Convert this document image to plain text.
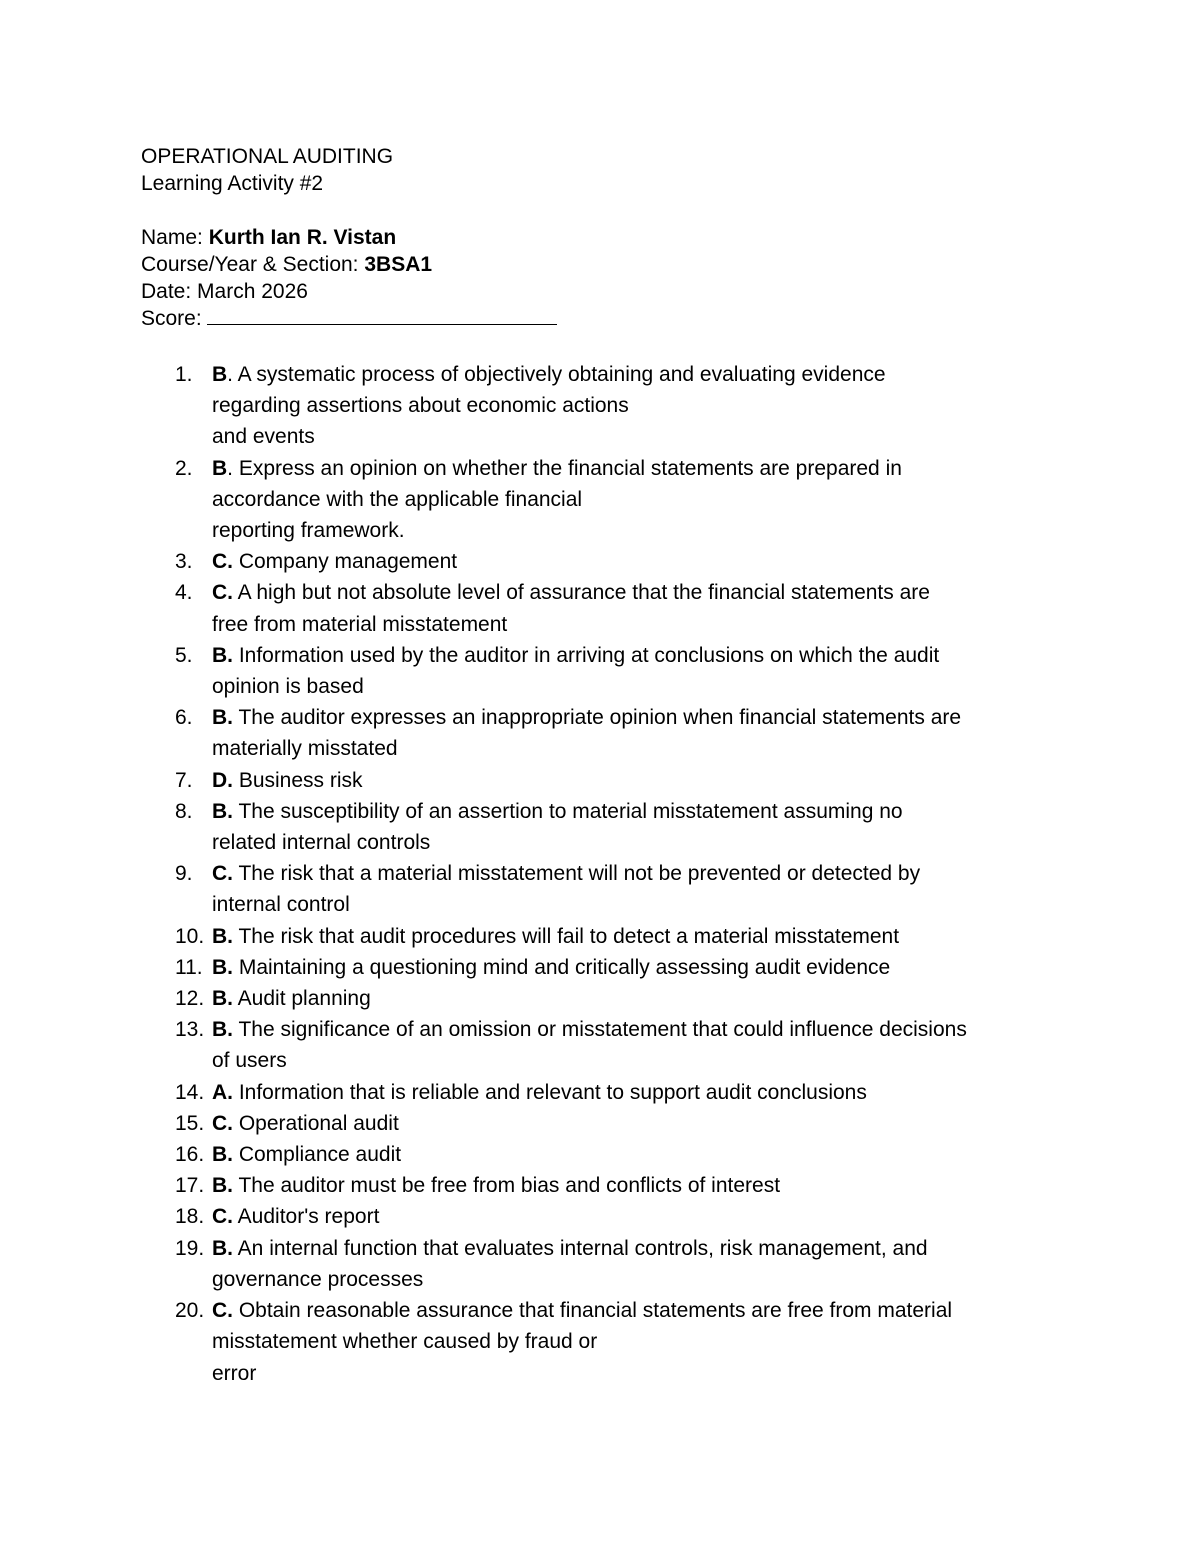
OPERATIONAL AUDITING
Learning Activity #2
Name: Kurth Ian R. Vistan
Course/Year & Section: 3BSA1
Date: March 2026
Score:
1. B. A systematic process of objectively obtaining and evaluating evidence
regarding assertions about economic actions
and events
2. B. Express an opinion on whether the financial statements are prepared in
accordance with the applicable financial
reporting framework.
3. C. Company management
4. C. A high but not absolute level of assurance that the financial statements are
free from material misstatement
5. B. Information used by the auditor in arriving at conclusions on which the audit
opinion is based
6. B. The auditor expresses an inappropriate opinion when financial statements are
materially misstated
7. D. Business risk
8. B. The susceptibility of an assertion to material misstatement assuming no
related internal controls
9. C. The risk that a material misstatement will not be prevented or detected by
internal control
10. B. The risk that audit procedures will fail to detect a material misstatement
11. B. Maintaining a questioning mind and critically assessing audit evidence
12. B. Audit planning
13. B. The significance of an omission or misstatement that could influence decisions
of users
14. A. Information that is reliable and relevant to support audit conclusions
15. C. Operational audit
16. B. Compliance audit
17. B. The auditor must be free from bias and conflicts of interest
18. C. Auditor's report
19. B. An internal function that evaluates internal controls, risk management, and
governance processes
20. C. Obtain reasonable assurance that financial statements are free from material
misstatement whether caused by fraud or
error
